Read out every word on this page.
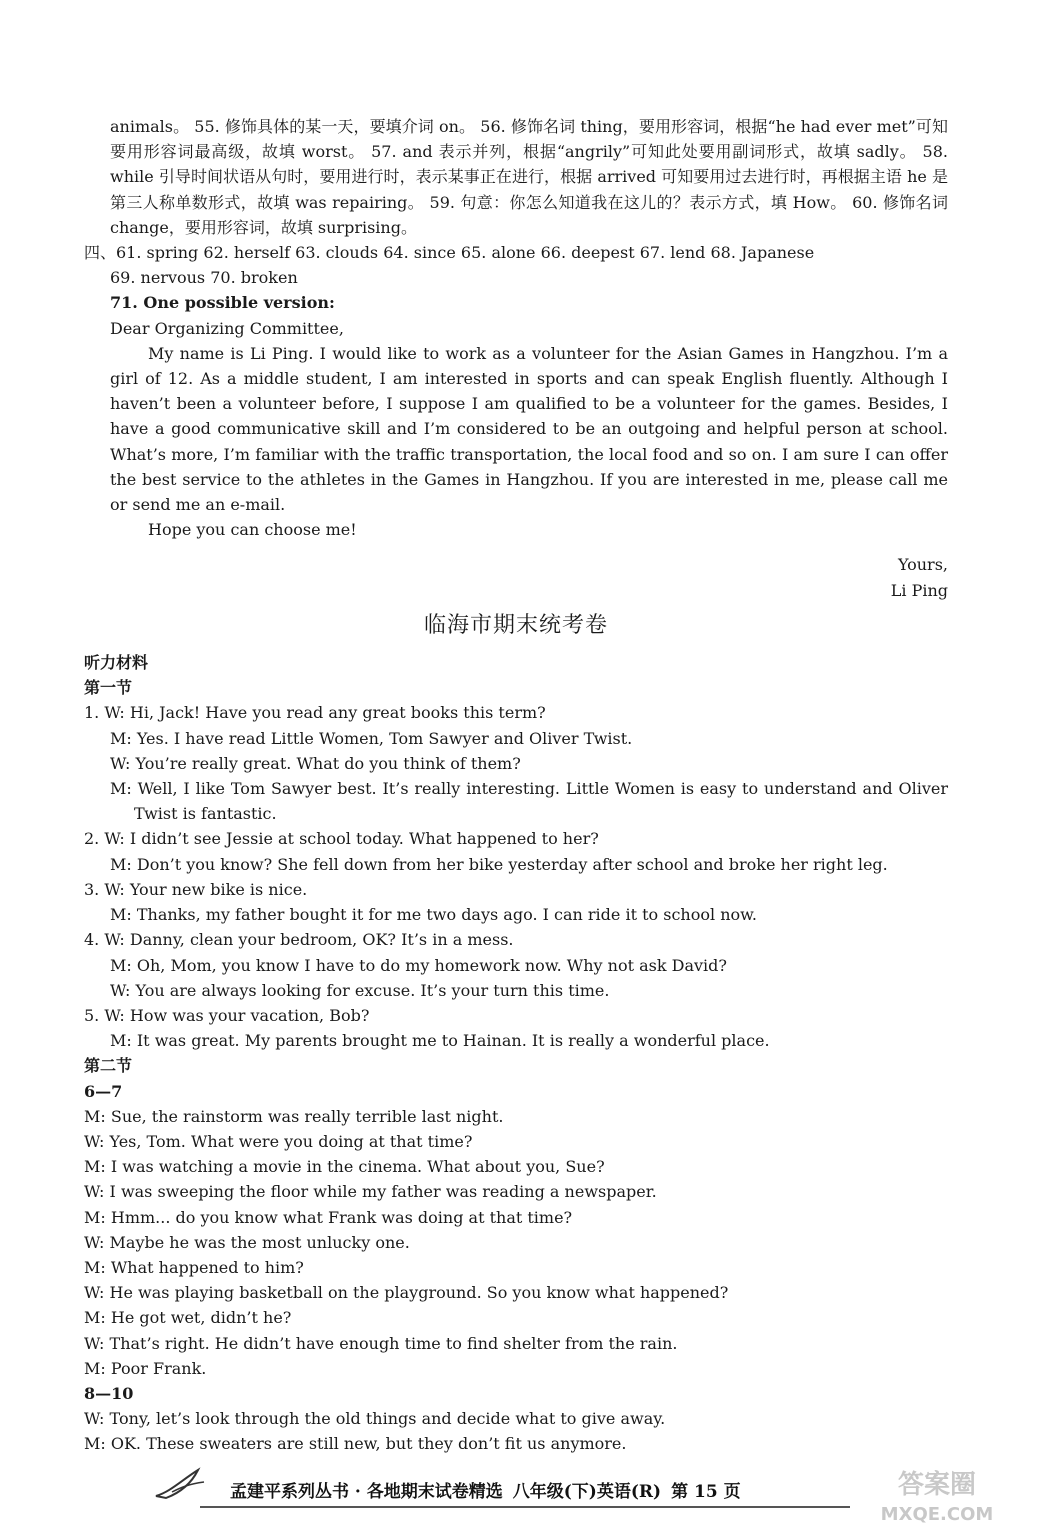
animals。 55. 修饰具体的某一天，要填介词 on。 56. 修饰名词 thing，要用形容词，根据“he had ever met”可知要用形容词最高级，故填 worst。 57. and 表示并列，根据“angrily”可知此处要用副词形式，故填 sadly。 58. while 引导时间状语从句时，要用进行时，表示某事正在进行，根据 arrived 可知要用过去进行时，再根据主语 he 是第三人称单数形式，故填 was repairing。 59. 句意：你怎么知道我在这儿的？表示方式，填 How。 60. 修饰名词 change，要用形容词，故填 surprising。

四、61. spring 62. herself 63. clouds 64. since 65. alone 66. deepest 67. lend 68. Japanese

69. nervous 70. broken

71. One possible version:

Dear Organizing Committee,

My name is Li Ping. I would like to work as a volunteer for the Asian Games in Hangzhou. I’m a girl of 12. As a middle student, I am interested in sports and can speak English fluently. Although I haven’t been a volunteer before, I suppose I am qualified to be a volunteer for the games. Besides, I have a good communicative skill and I’m considered to be an outgoing and helpful person at school. What’s more, I’m familiar with the traffic transportation, the local food and so on. I am sure I can offer the best service to the athletes in the Games in Hangzhou. If you are interested in me, please call me or send me an e-mail.

Hope you can choose me!

Yours,

Li Ping

临海市期末统考卷

听力材料

第一节

1. W: Hi, Jack! Have you read any great books this term?

M: Yes. I have read Little Women, Tom Sawyer and Oliver Twist.

W: You’re really great. What do you think of them?

M: Well, I like Tom Sawyer best. It’s really interesting. Little Women is easy to understand and Oliver Twist is fantastic.

2. W: I didn’t see Jessie at school today. What happened to her?

M: Don’t you know? She fell down from her bike yesterday after school and broke her right leg.

3. W: Your new bike is nice.

M: Thanks, my father bought it for me two days ago. I can ride it to school now.

4. W: Danny, clean your bedroom, OK? It’s in a mess.

M: Oh, Mom, you know I have to do my homework now. Why not ask David?

W: You are always looking for excuse. It’s your turn this time.

5. W: How was your vacation, Bob?

M: It was great. My parents brought me to Hainan. It is really a wonderful place.

第二节

6—7

M: Sue, the rainstorm was really terrible last night.

W: Yes, Tom. What were you doing at that time?

M: I was watching a movie in the cinema. What about you, Sue?

W: I was sweeping the floor while my father was reading a newspaper.

M: Hmm... do you know what Frank was doing at that time?

W: Maybe he was the most unlucky one.

M: What happened to him?

W: He was playing basketball on the playground. So you know what happened?

M: He got wet, didn’t he?

W: That’s right. He didn’t have enough time to find shelter from the rain.

M: Poor Frank.

8—10

W: Tony, let’s look through the old things and decide what to give away.

M: OK. These sweaters are still new, but they don’t fit us anymore.

孟建平系列丛书 · 各地期末试卷精选 八年级(下)英语(R) 第 15 页	答案圈
MXQE.COM
